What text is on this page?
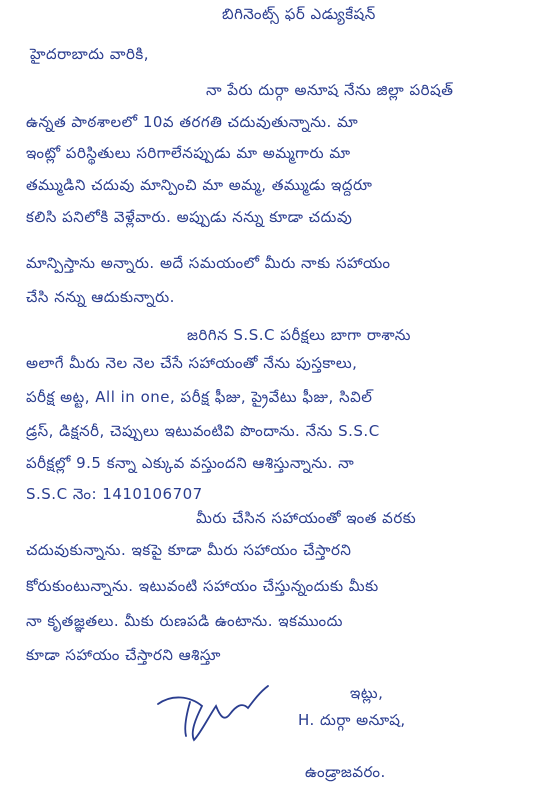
బిగినెంట్స్ ఫర్ ఎడ్యుకేషన్
హైదరాబాదు వారికి,
నా పేరు దుర్గా అనూష నేను జిల్లా పరిషత్
ఉన్నత పాఠశాలలో 10వ తరగతి చదువుతున్నాను. మా
ఇంట్లో పరిస్థితులు సరిగాలేనప్పుడు మా అమ్మగారు మా
తమ్ముడిని చదువు మాన్పించి మా అమ్మ, తమ్ముడు ఇద్దరూ
కలిసి పనిలోకి వెళ్లేవారు. అప్పుడు నన్ను కూడా చదువు
మాన్పిస్తాను అన్నారు. అదే సమయంలో మీరు నాకు సహాయం
చేసి నన్ను ఆదుకున్నారు.
జరిగిన S.S.C పరీక్షలు బాగా రాశాను
అలాగే మీరు నెల నెల చేసే సహాయంతో నేను పుస్తకాలు,
పరీక్ష అట్ట, All in one, పరీక్ష ఫీజు, ప్రైవేటు ఫీజు, సివిల్
డ్రస్, డిక్షనరీ, చెప్పులు ఇటువంటివి పొందాను. నేను S.S.C
పరీక్షల్లో 9.5 కన్నా ఎక్కువ వస్తుందని ఆశిస్తున్నాను. నా
S.S.C నెం: 1410106707
మీరు చేసిన సహాయంతో ఇంత వరకు
చదువుకున్నాను. ఇకపై కూడా మీరు సహాయం చేస్తారని
కోరుకుంటున్నాను. ఇటువంటి సహాయం చేస్తున్నందుకు మీకు
నా కృతజ్ఞతలు. మీకు రుణపడి ఉంటాను. ఇకముందు
కూడా సహాయం చేస్తారని ఆశిస్తూ
ఇట్లు,
H. దుర్గా అనూష,
ఉండ్రాజవరం.
